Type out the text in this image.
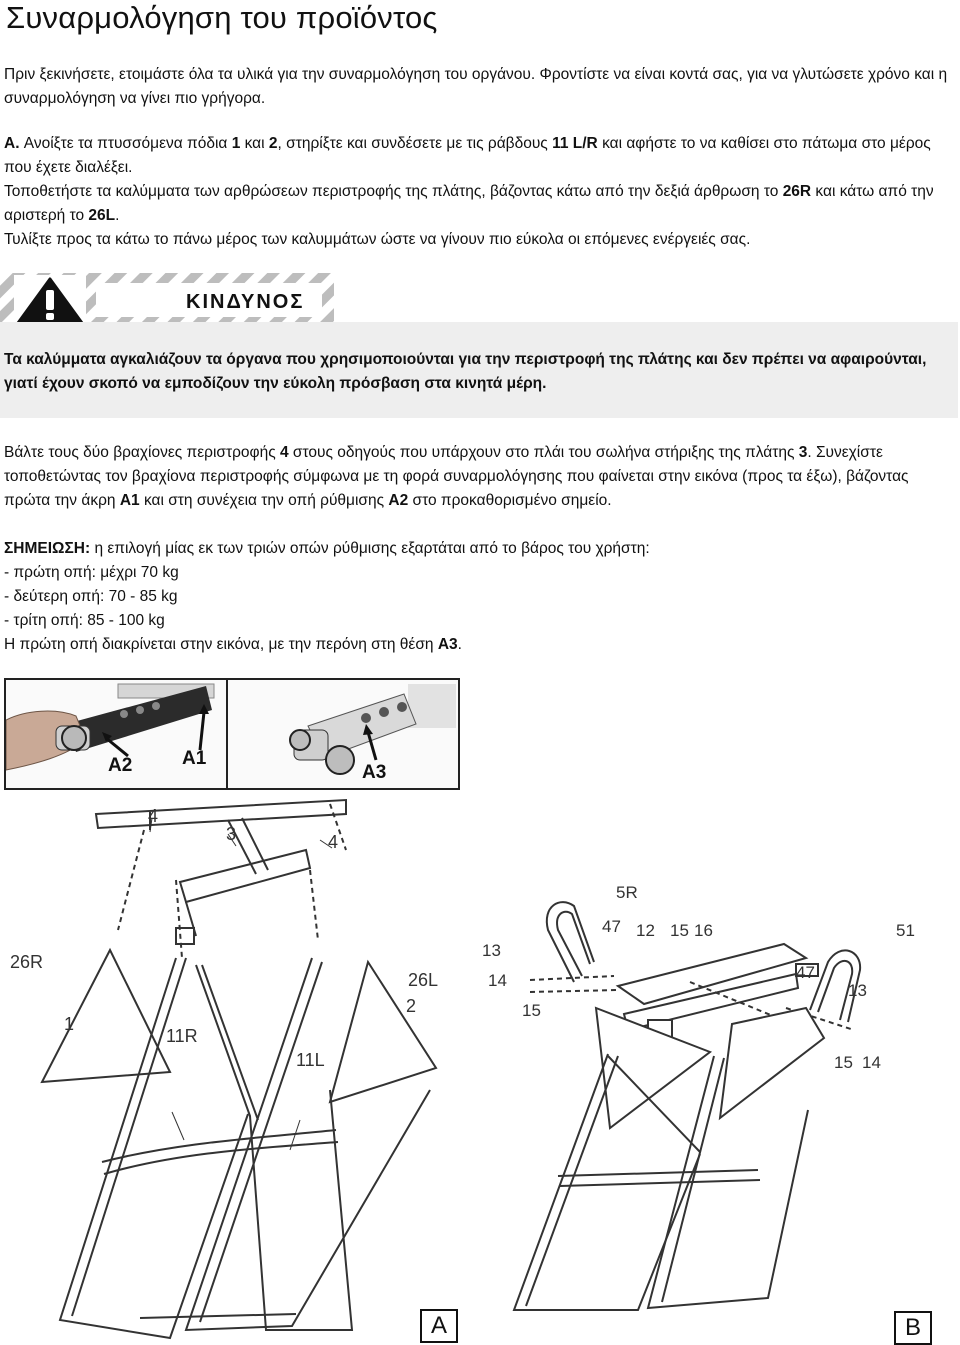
Συναρμολόγηση του προϊόντος

Πριν ξεκινήσετε, ετοιμάστε όλα τα υλικά για την συναρμολόγηση του οργάνου. Φροντίστε να είναι κοντά σας, για να γλυτώσετε χρόνο και η συναρμολόγηση να γίνει πιο γρήγορα.

A. Ανοίξτε τα πτυσσόμενα πόδια 1 και 2, στηρίξτε και συνδέσετε με τις ράβδους 11 L/R και αφήστε το να καθίσει στο πάτωμα στο μέρος που έχετε διαλέξει.

Τοποθετήστε τα καλύμματα των αρθρώσεων περιστροφής της πλάτης, βάζοντας κάτω από την δεξιά άρθρωση το 26R και κάτω από την αριστερή το 26L.

Τυλίξτε προς τα κάτω το πάνω μέρος των καλυμμάτων ώστε να γίνουν πιο εύκολα οι επόμενες ενέργειές σας.

ΚΙΝΔΥΝΟΣ

Τα καλύμματα αγκαλιάζουν τα όργανα που χρησιμοποιούνται για την περιστροφή της πλάτης και δεν πρέπει να αφαιρούνται, γιατί έχουν σκοπό να εμποδίζουν την εύκολη πρόσβαση στα κινητά μέρη.

Βάλτε τους δύο βραχίονες περιστροφής 4 στους οδηγούς που υπάρχουν στο πλάι του σωλήνα στήριξης της πλάτης 3. Συνεχίστε τοποθετώντας τον βραχίονα περιστροφής σύμφωνα με τη φορά συναρμολόγησης που φαίνεται στην εικόνα (προς τα έξω), βάζοντας πρώτα την άκρη A1 και στη συνέχεια την οπή ρύθμισης A2 στο προκαθορισμένο σημείο.

ΣΗΜΕΙΩΣΗ: η επιλογή μίας εκ των τριών οπών ρύθμισης εξαρτάται από το βάρος του χρήστη:

- πρώτη οπή: μέχρι 70 kg

- δεύτερη οπή: 70 - 85 kg

- τρίτη οπή: 85 - 100 kg

Η πρώτη οπή διακρίνεται στην εικόνα, με την περόνη στη θέση A3.

A2	A1
A3
4
3	4
26R
26L
1
2
11R
11L
A
5R
47 12 15 16	51
13
14
15
47
13
15 14
B
